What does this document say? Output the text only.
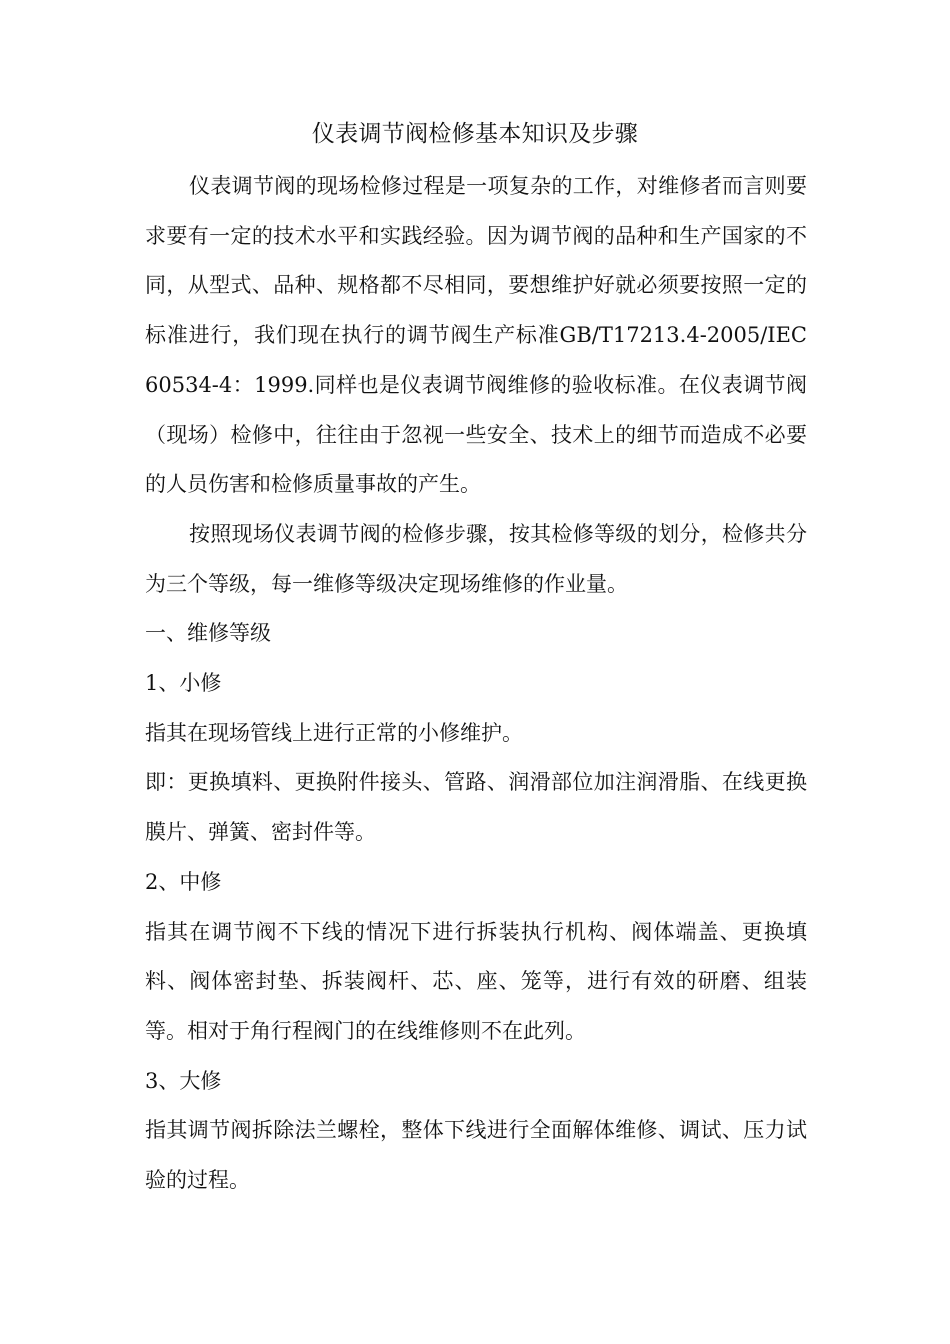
仪表调节阀检修基本知识及步骤

仪表调节阀的现场检修过程是一项复杂的工作，对维修者而言则要求要有一定的技术水平和实践经验。因为调节阀的品种和生产国家的不同，从型式、品种、规格都不尽相同，要想维护好就必须要按照一定的标准进行，我们现在执行的调节阀生产标准GB/T17213.4-2005/IEC 60534-4：1999.同样也是仪表调节阀维修的验收标准。在仪表调节阀（现场）检修中，往往由于忽视一些安全、技术上的细节而造成不必要的人员伤害和检修质量事故的产生。

按照现场仪表调节阀的检修步骤，按其检修等级的划分，检修共分为三个等级，每一维修等级决定现场维修的作业量。

一、维修等级

1、小修

指其在现场管线上进行正常的小修维护。

即：更换填料、更换附件接头、管路、润滑部位加注润滑脂、在线更换膜片、弹簧、密封件等。

2、中修

指其在调节阀不下线的情况下进行拆装执行机构、阀体端盖、更换填料、阀体密封垫、拆装阀杆、芯、座、笼等，进行有效的研磨、组装等。相对于角行程阀门的在线维修则不在此列。

3、大修

指其调节阀拆除法兰螺栓，整体下线进行全面解体维修、调试、压力试验的过程。
